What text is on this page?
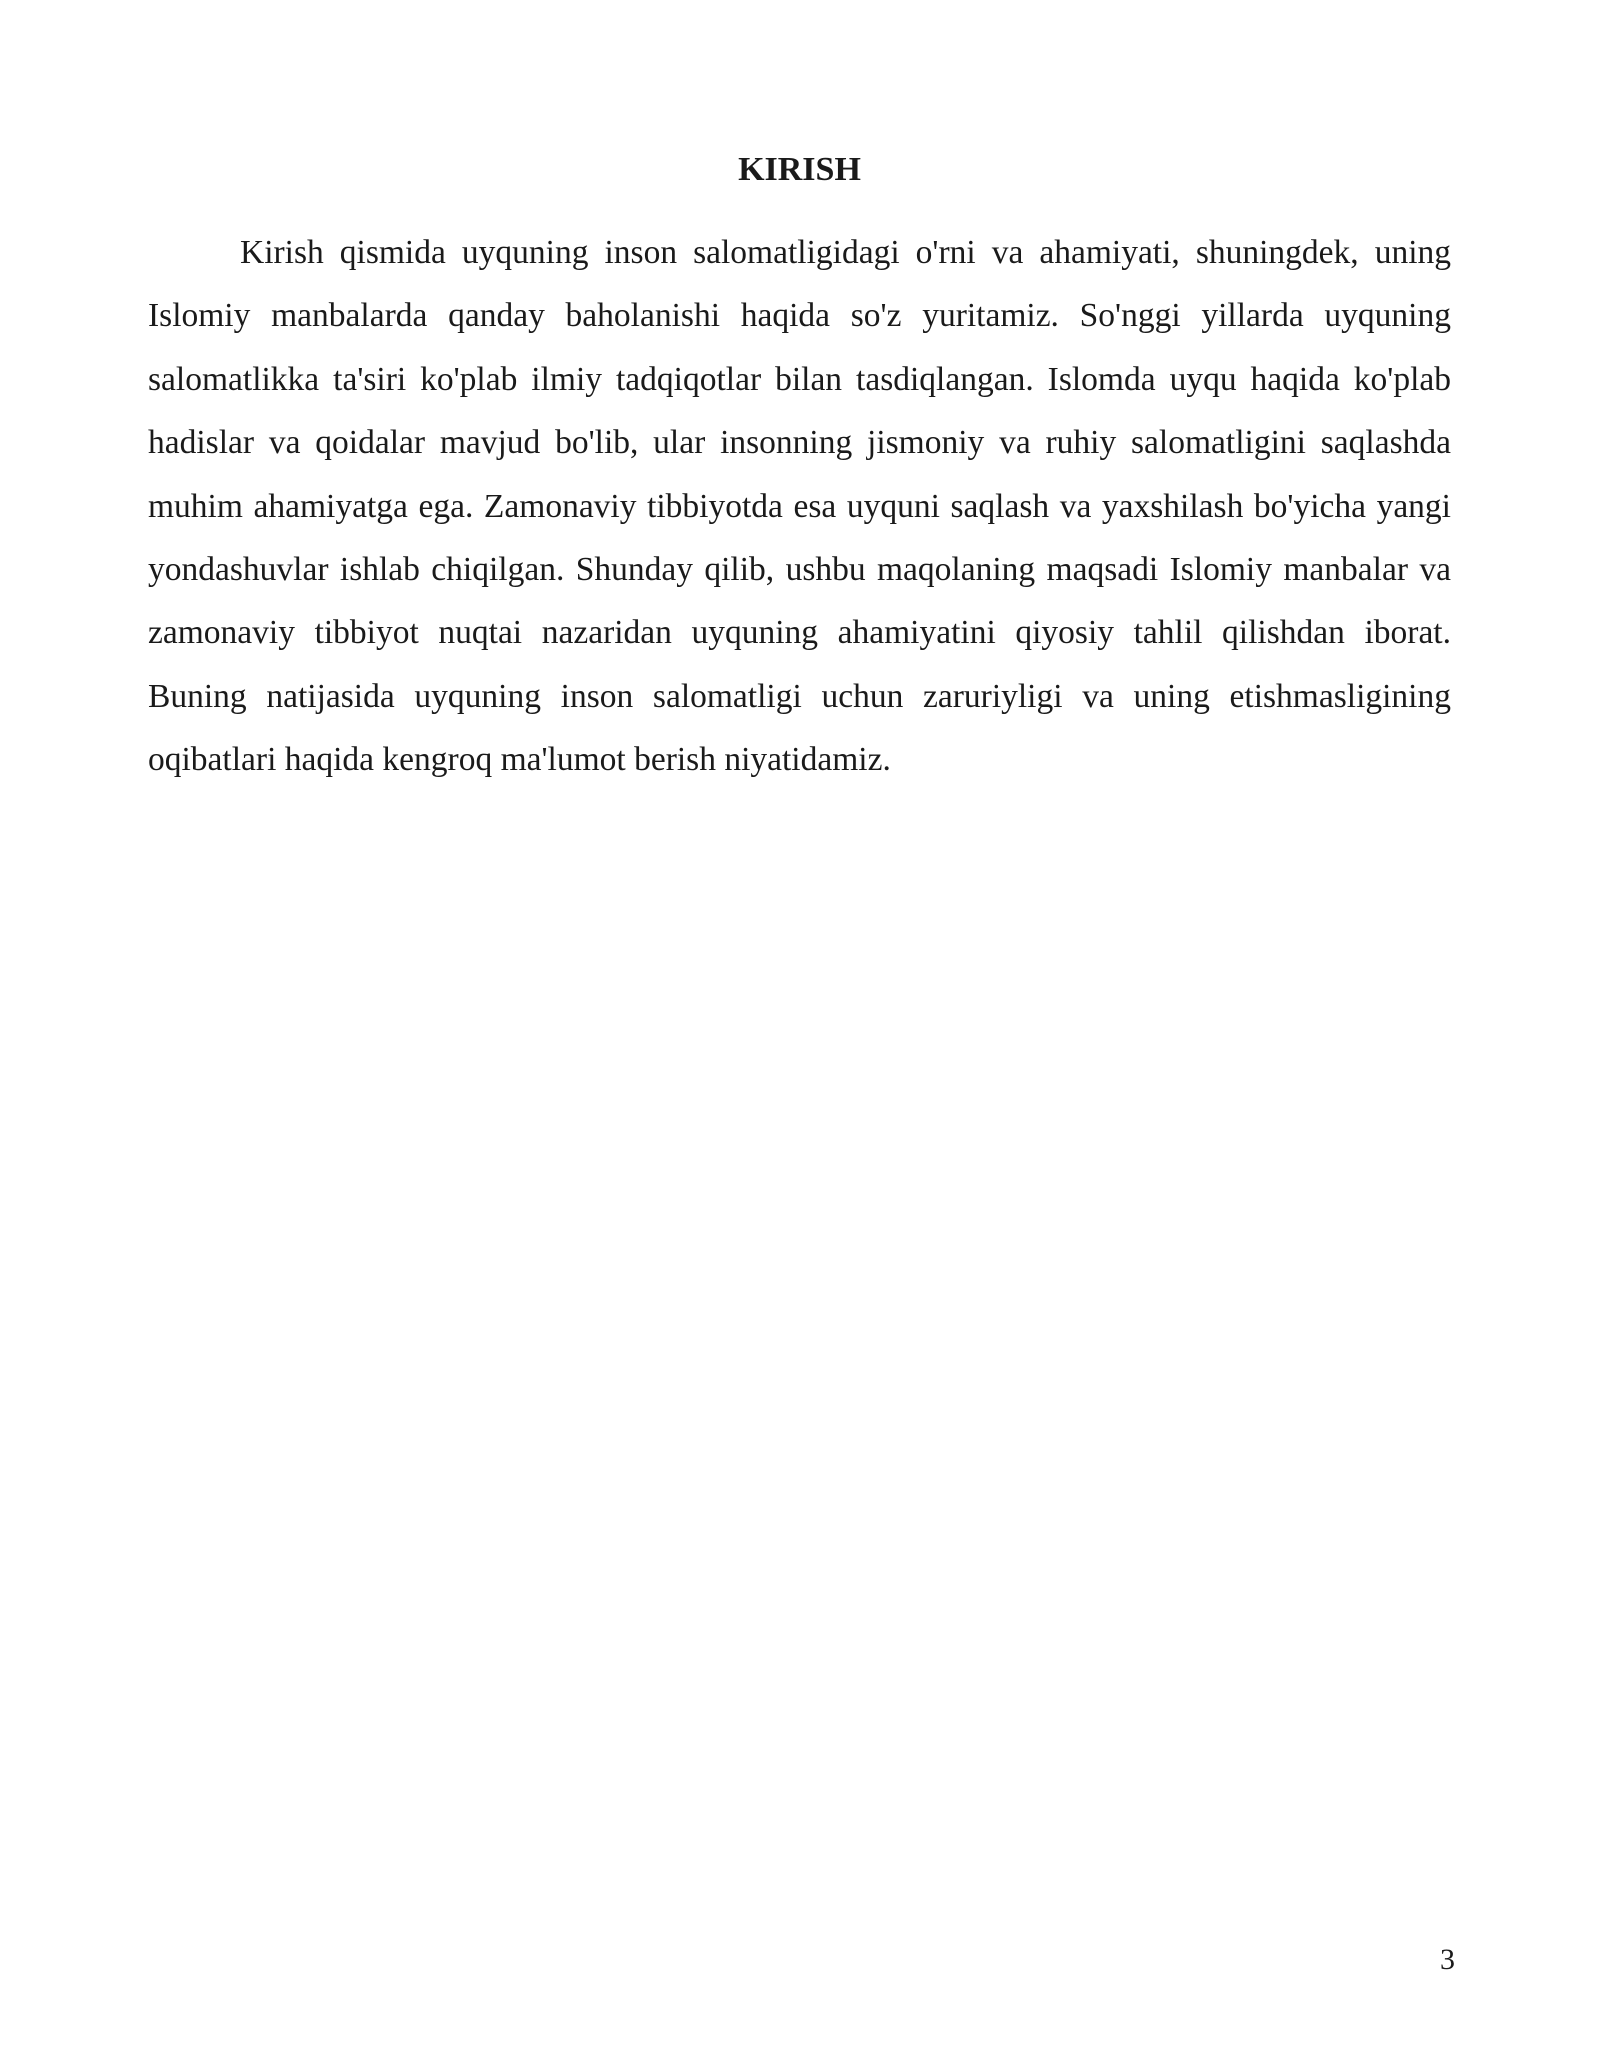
KIRISH

Kirish qismida uyquning inson salomatligidagi o'rni va ahamiyati, shuningdek, uning Islomiy manbalarda qanday baholanishi haqida so'z yuritamiz. So'nggi yillarda uyquning salomatlikka ta'siri ko'plab ilmiy tadqiqotlar bilan tasdiqlangan. Islomda uyqu haqida ko'plab hadislar va qoidalar mavjud bo'lib, ular insonning jismoniy va ruhiy salomatligini saqlashda muhim ahamiyatga ega. Zamonaviy tibbiyotda esa uyquni saqlash va yaxshilash bo'yicha yangi yondashuvlar ishlab chiqilgan. Shunday qilib, ushbu maqolaning maqsadi Islomiy manbalar va zamonaviy tibbiyot nuqtai nazaridan uyquning ahamiyatini qiyosiy tahlil qilishdan iborat. Buning natijasida uyquning inson salomatligi uchun zaruriyligi va uning etishmasligining oqibatlari haqida kengroq ma'lumot berish niyatidamiz.

3
